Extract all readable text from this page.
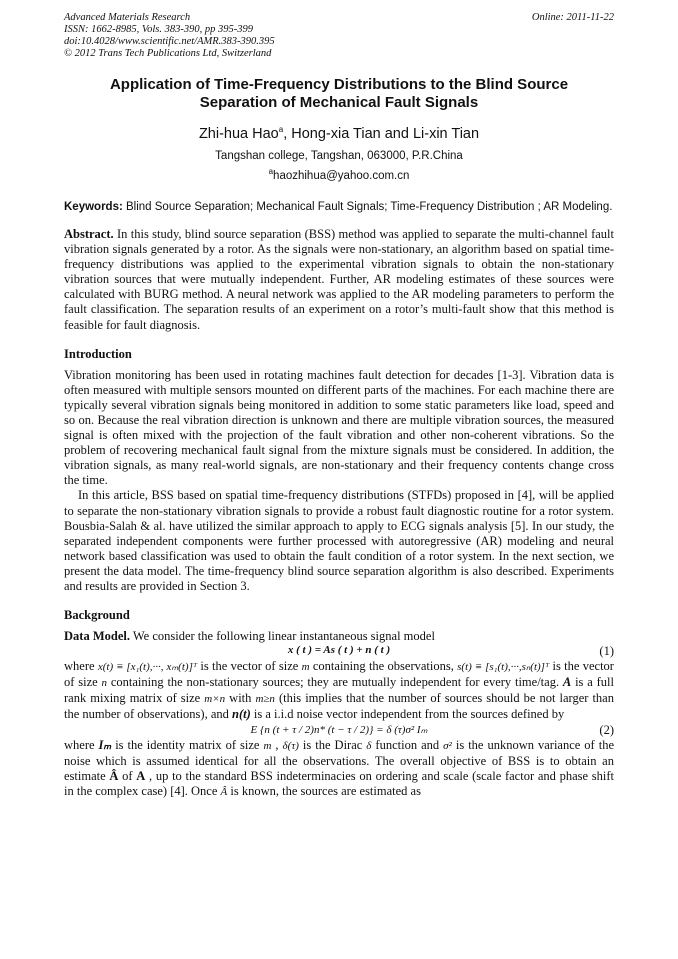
Advanced Materials Research
ISSN: 1662-8985, Vols. 383-390, pp 395-399
doi:10.4028/www.scientific.net/AMR.383-390.395
© 2012 Trans Tech Publications Ltd, Switzerland
Online: 2011-11-22
Application of Time-Frequency Distributions to the Blind Source
Separation of Mechanical Fault Signals
Zhi-hua Hao$^a$, Hong-xia Tian and Li-xin Tian
Tangshan college, Tangshan, 063000, P.R.China
$^a$haozhihua@yahoo.com.cn
Keywords: Blind Source Separation; Mechanical Fault Signals; Time-Frequency Distribution ; AR Modeling.
Abstract. In this study, blind source separation (BSS) method was applied to separate the multi-channel fault vibration signals generated by a rotor. As the signals were non-stationary, an algorithm based on spatial time-frequency distributions was applied to the experimental vibration signals to obtain the non-stationary vibration sources that were mutually independent. Further, AR modeling estimates of these sources were calculated with BURG method. A neural network was applied to the AR modeling parameters to perform the fault classification. The separation results of an experiment on a rotor’s multi-fault show that this method is feasible for fault diagnosis.
Introduction
Vibration monitoring has been used in rotating machines fault detection for decades [1-3]. Vibration data is often measured with multiple sensors mounted on different parts of the machines. For each machine there are typically several vibration signals being monitored in addition to some static parameters like load, speed and so on. Because the real vibration direction is unknown and there are multiple vibration sources, the measured signal is often mixed with the projection of the fault vibration and other non-coherent vibrations. So the problem of recovering mechanical fault signal from the mixture signals must be considered. In addition, the vibration signals, as many real-world signals, are non-stationary and their frequency contents change cross the time.
In this article, BSS based on spatial time-frequency distributions (STFDs) proposed in [4], will be applied to separate the non-stationary vibration signals to provide a robust fault diagnostic routine for a rotor system. Bousbia-Salah & al. have utilized the similar approach to apply to ECG signals analysis [5]. In our study, the separated independent components were further processed with autoregressive (AR) modeling and neural network based classification was used to obtain the fault condition of a rotor system. In the next section, we present the data model. The time-frequency blind source separation algorithm is also described. Experiments and results are provided in Section 3.
Background
Data Model. We consider the following linear instantaneous signal model
x ( t ) = As ( t ) + n ( t )	(1)
where x(t) ≡ [x₁(t),···, xₘ(t)]ᵀ is the vector of size m containing the observations, s(t) ≡ [s₁(t),···,sₙ(t)]ᵀ is the vector of size n containing the non-stationary sources; they are mutually independent for every time/tag. A is a full rank mixing matrix of size m×n with m≥n (this implies that the number of sources should be not larger than the number of observations), and n(t) is a i.i.d noise vector independent from the sources defined by
E {n (t + τ / 2)n* (t − τ / 2)} = δ (τ)σ² Iₘ	(2)
where Iₘ is the identity matrix of size m , δ(τ) is the Dirac δ function and σ² is the unknown variance of the noise which is assumed identical for all the observations. The overall objective of BSS is to obtain an estimate Â of A , up to the standard BSS indeterminacies on ordering and scale (scale factor and phase shift in the complex case) [4]. Once Â is known, the sources are estimated as
